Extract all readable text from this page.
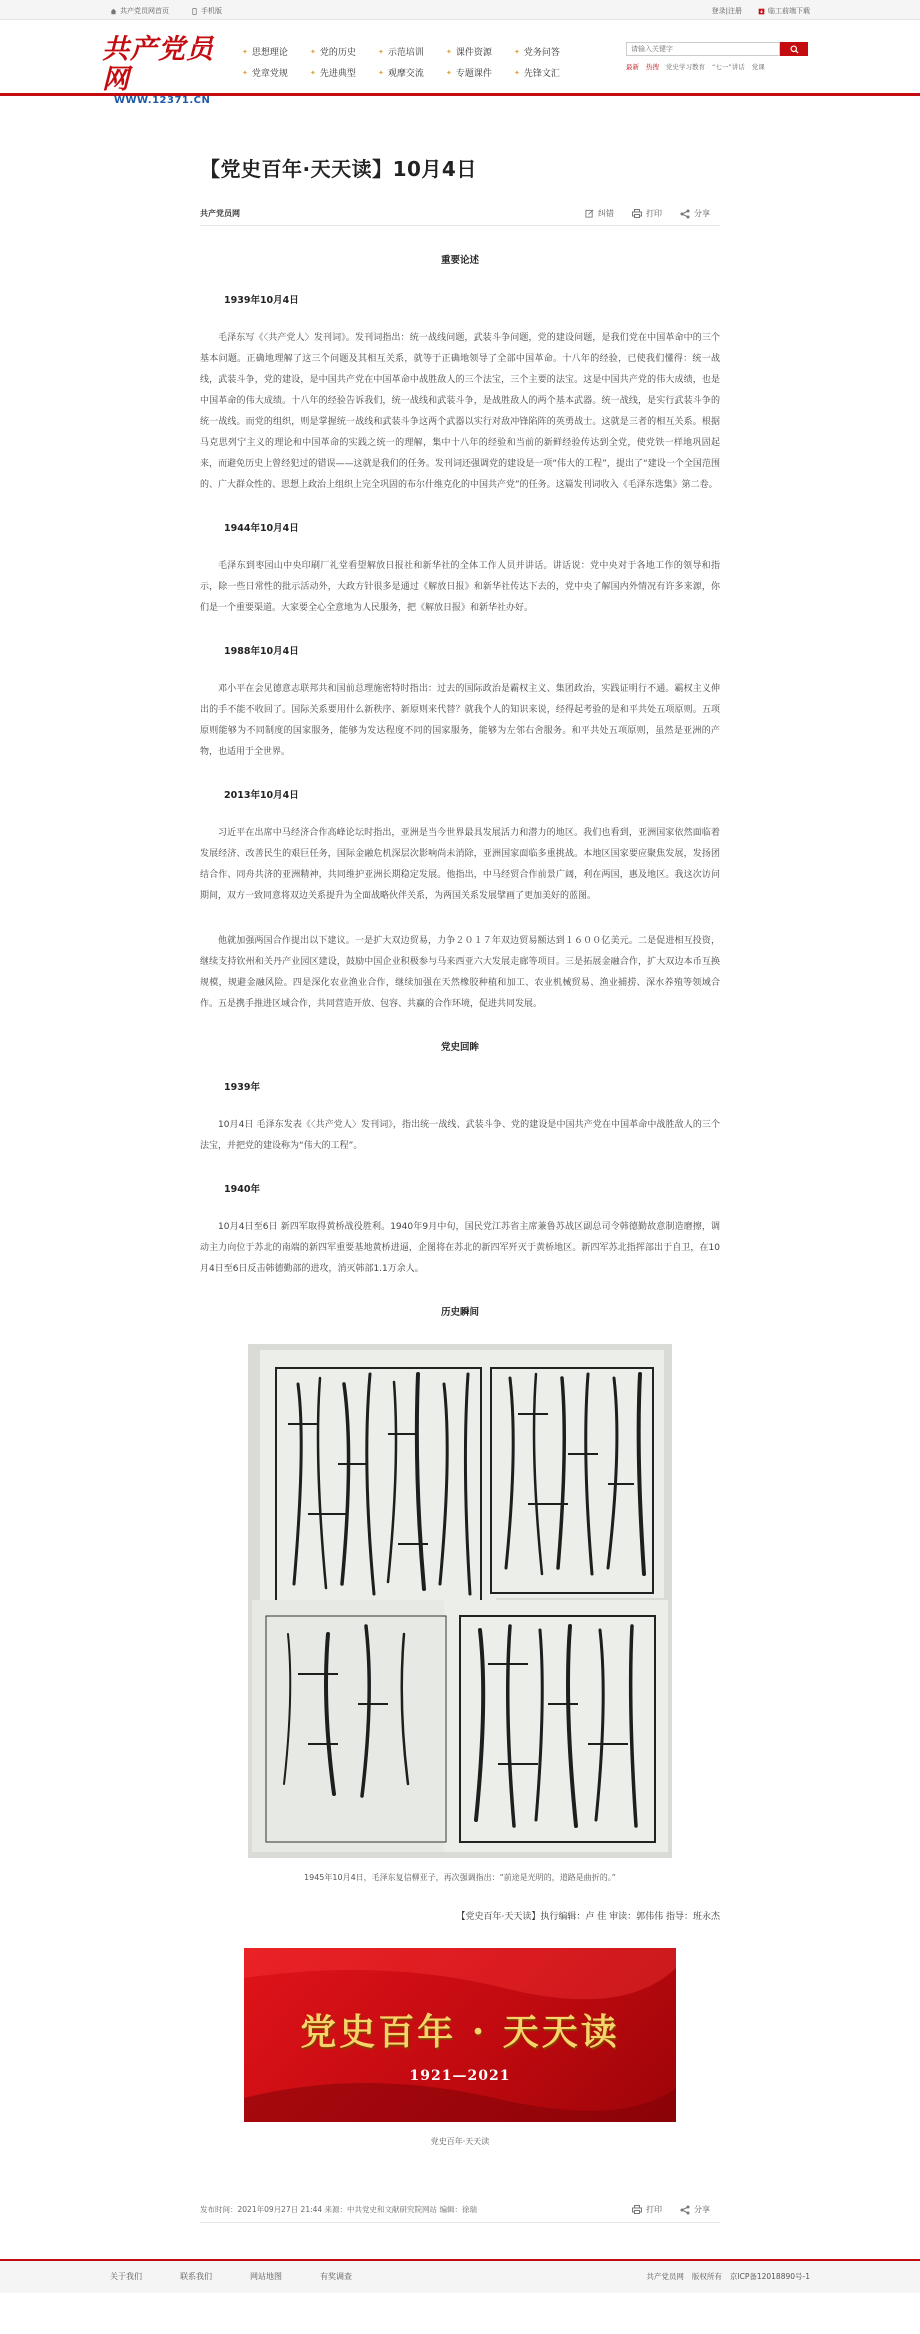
共产党员网首页	手机版	登录|注册	临工前端下载
共产党员网
WWW.12371.CN
✦ 思想理论	✦ 党的历史	✦ 示范培训	✦ 课件资源	✦ 党务问答
✦ 党章党规	✦ 先进典型	✦ 观摩交流	✦ 专题课件	✦ 先锋文汇
请输入关键字
最新 热搜 党史学习教育 “七一”讲话 党课
【党史百年·天天读】10月4日
共产党员网	纠错	打印	分享
重要论述
1939年10月4日

毛泽东写《〈共产党人〉发刊词》。发刊词指出：统一战线问题，武装斗争问题，党的建设问题，是我们党在中国革命中的三个基本问题。正确地理解了这三个问题及其相互关系，就等于正确地领导了全部中国革命。十八年的经验，已使我们懂得：统一战线，武装斗争，党的建设，是中国共产党在中国革命中战胜敌人的三个法宝，三个主要的法宝。这是中国共产党的伟大成绩，也是中国革命的伟大成绩。十八年的经验告诉我们，统一战线和武装斗争，是战胜敌人的两个基本武器。统一战线，是实行武装斗争的统一战线。而党的组织，则是掌握统一战线和武装斗争这两个武器以实行对敌冲锋陷阵的英勇战士。这就是三者的相互关系。根据马克思列宁主义的理论和中国革命的实践之统一的理解，集中十八年的经验和当前的新鲜经验传达到全党，使党铁一样地巩固起来，而避免历史上曾经犯过的错误——这就是我们的任务。发刊词还强调党的建设是一项“伟大的工程”，提出了“建设一个全国范围的、广大群众性的、思想上政治上组织上完全巩固的布尔什维克化的中国共产党”的任务。这篇发刊词收入《毛泽东选集》第二卷。

1944年10月4日

毛泽东到枣园山中央印刷厂礼堂看望解放日报社和新华社的全体工作人员并讲话。讲话说：党中央对于各地工作的领导和指示，除一些日常性的批示活动外，大政方针很多是通过《解放日报》和新华社传达下去的，党中央了解国内外情况有许多来源，你们是一个重要渠道。大家要全心全意地为人民服务，把《解放日报》和新华社办好。

1988年10月4日

邓小平在会见德意志联邦共和国前总理施密特时指出：过去的国际政治是霸权主义、集团政治，实践证明行不通。霸权主义伸出的手不能不收回了。国际关系要用什么新秩序、新原则来代替？就我个人的知识来说，经得起考验的是和平共处五项原则。五项原则能够为不同制度的国家服务，能够为发达程度不同的国家服务，能够为左邻右舍服务。和平共处五项原则，虽然是亚洲的产物，也适用于全世界。

2013年10月4日

习近平在出席中马经济合作高峰论坛时指出，亚洲是当今世界最具发展活力和潜力的地区。我们也看到，亚洲国家依然面临着发展经济、改善民生的艰巨任务，国际金融危机深层次影响尚未消除，亚洲国家面临多重挑战。本地区国家要应聚焦发展，发扬团结合作、同舟共济的亚洲精神，共同维护亚洲长期稳定发展。他指出，中马经贸合作前景广阔，利在两国，惠及地区。我这次访问期间，双方一致同意将双边关系提升为全面战略伙伴关系，为两国关系发展擘画了更加美好的蓝图。

他就加强两国合作提出以下建议。一是扩大双边贸易，力争２０１７年双边贸易额达到１６００亿美元。二是促进相互投资，继续支持钦州和关丹产业园区建设，鼓励中国企业积极参与马来西亚六大发展走廊等项目。三是拓展金融合作，扩大双边本币互换规模，规避金融风险。四是深化农业渔业合作，继续加强在天然橡胶种植和加工、农业机械贸易、渔业捕捞、深水养殖等领域合作。五是携手推进区域合作，共同营造开放、包容、共赢的合作环境，促进共同发展。

党史回眸
1939年

10月4日 毛泽东发表《〈共产党人〉发刊词》，指出统一战线、武装斗争、党的建设是中国共产党在中国革命中战胜敌人的三个法宝，并把党的建设称为“伟大的工程”。

1940年

10月4日至6日 新四军取得黄桥战役胜利。1940年9月中旬，国民党江苏省主席兼鲁苏战区副总司令韩德勤故意制造磨擦，调动主力向位于苏北的南端的新四军重要基地黄桥进逼，企图将在苏北的新四军歼灭于黄桥地区。新四军苏北指挥部出于自卫，在10月4日至6日反击韩德勤部的进攻，消灭韩部1.1万余人。

历史瞬间
1945年10月4日，毛泽东复信柳亚子，再次强调指出：“前途是光明的，道路是曲折的。”
【党史百年·天天读】执行编辑：卢 佳 审读：郭伟伟 指导：班永杰
党史百年 · 天天读
1921—2021
党史百年·天天读
发布时间：2021年09月27日 21:44 来源：中共党史和文献研究院网站 编辑：徐瑞	打印	分享
关于我们	联系我们	网站地图	有奖调查	共产党员网 版权所有 京ICP备12018890号-1
